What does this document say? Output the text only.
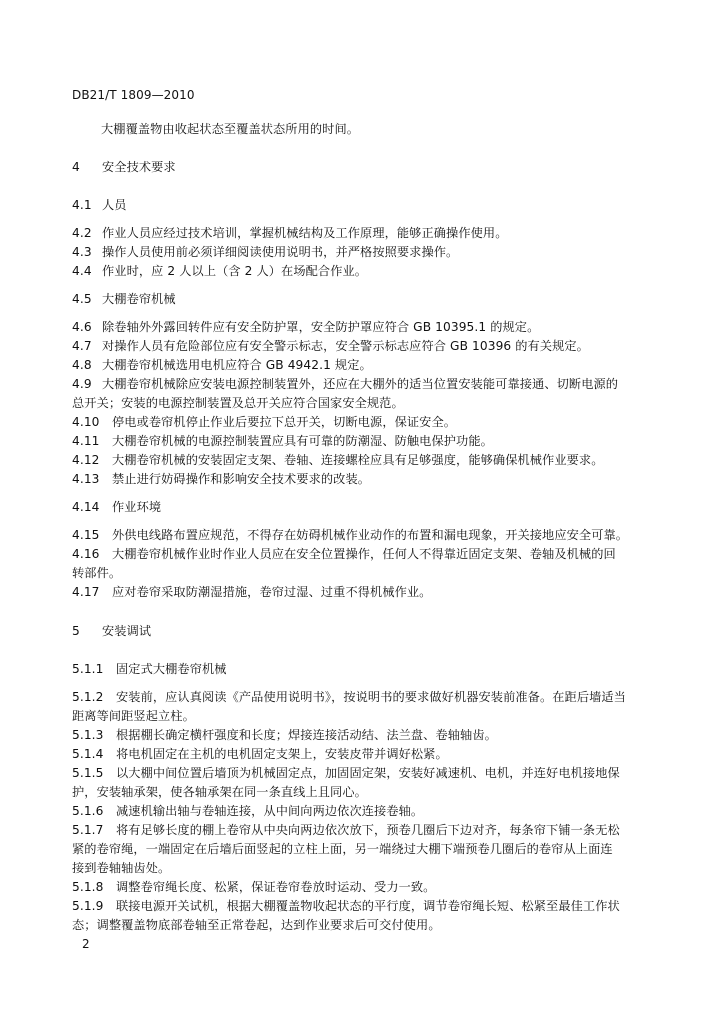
DB21/T 1809—2010
大棚覆盖物由收起状态至覆盖状态所用的时间。
4 安全技术要求
4.1 人员
4.2 作业人员应经过技术培训，掌握机械结构及工作原理，能够正确操作使用。
4.3 操作人员使用前必须详细阅读使用说明书，并严格按照要求操作。
4.4 作业时，应 2 人以上（含 2 人）在场配合作业。
4.5 大棚卷帘机械
4.6 除卷轴外外露回转件应有安全防护罩，安全防护罩应符合 GB 10395.1 的规定。
4.7 对操作人员有危险部位应有安全警示标志，安全警示标志应符合 GB 10396 的有关规定。
4.8 大棚卷帘机械选用电机应符合 GB 4942.1 规定。
4.9 大棚卷帘机械除应安装电源控制装置外，还应在大棚外的适当位置安装能可靠接通、切断电源的
总开关；安装的电源控制装置及总开关应符合国家安全规范。
4.10 停电或卷帘机停止作业后要拉下总开关，切断电源，保证安全。
4.11 大棚卷帘机械的电源控制装置应具有可靠的防潮湿、防触电保护功能。
4.12 大棚卷帘机械的安装固定支架、卷轴、连接螺栓应具有足够强度，能够确保机械作业要求。
4.13 禁止进行妨碍操作和影响安全技术要求的改装。
4.14 作业环境
4.15 外供电线路布置应规范，不得存在妨碍机械作业动作的布置和漏电现象，开关接地应安全可靠。
4.16 大棚卷帘机械作业时作业人员应在安全位置操作，任何人不得靠近固定支架、卷轴及机械的回
转部件。
4.17 应对卷帘采取防潮湿措施，卷帘过湿、过重不得机械作业。
5 安装调试
5.1.1 固定式大棚卷帘机械
5.1.2 安装前，应认真阅读《产品使用说明书》，按说明书的要求做好机器安装前准备。在距后墙适当
距离等间距竖起立柱。
5.1.3 根据棚长确定横杆强度和长度；焊接连接活动结、法兰盘、卷轴轴齿。
5.1.4 将电机固定在主机的电机固定支架上，安装皮带并调好松紧。
5.1.5 以大棚中间位置后墙顶为机械固定点，加固固定架，安装好减速机、电机，并连好电机接地保
护，安装轴承架，使各轴承架在同一条直线上且同心。
5.1.6 减速机输出轴与卷轴连接，从中间向两边依次连接卷轴。
5.1.7 将有足够长度的棚上卷帘从中央向两边依次放下，预卷几圈后下边对齐，每条帘下铺一条无松
紧的卷帘绳，一端固定在后墙后面竖起的立柱上面，另一端绕过大棚下端预卷几圈后的卷帘从上面连
接到卷轴轴齿处。
5.1.8 调整卷帘绳长度、松紧，保证卷帘卷放时运动、受力一致。
5.1.9 联接电源开关试机，根据大棚覆盖物收起状态的平行度，调节卷帘绳长短、松紧至最佳工作状
态；调整覆盖物底部卷轴至正常卷起，达到作业要求后可交付使用。
2
